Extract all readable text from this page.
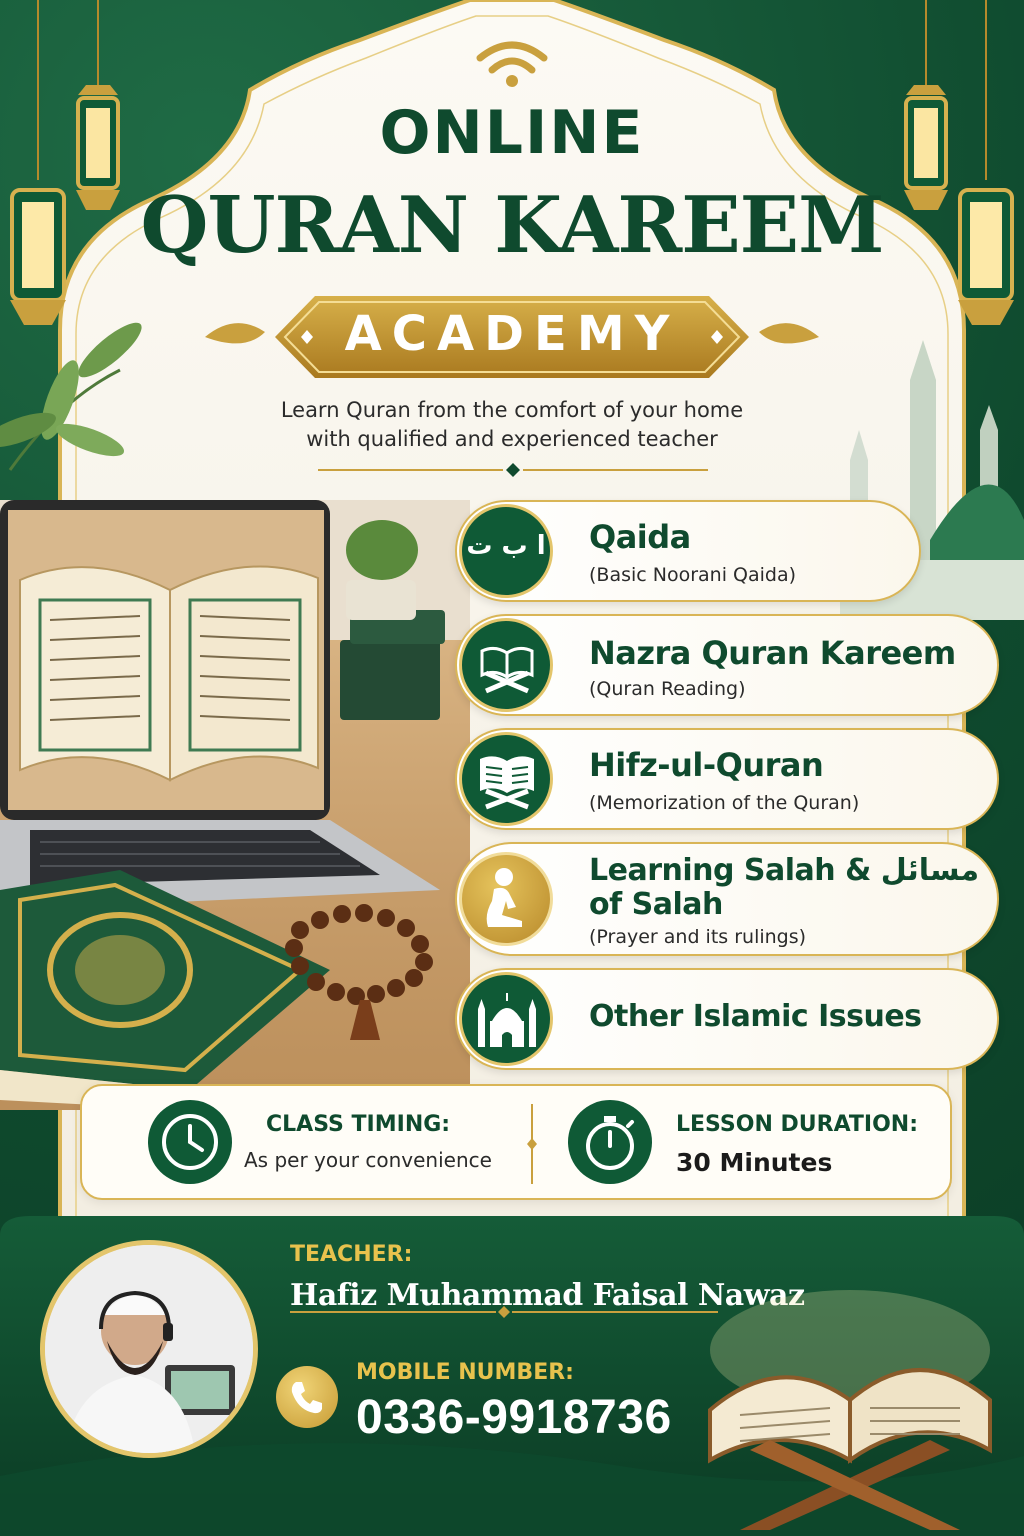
ONLINE
QURAN KAREEM
ACADEMY
Learn Quran from the comfort of your home
with qualified and experienced teacher
ا ب ت Qaida
(Basic Noorani Qaida)
Nazra Quran Kareem
(Quran Reading)
Hifz-ul-Quran
(Memorization of the Quran)
Learning Salah & مسائل
of Salah
(Prayer and its rulings)
Other Islamic Issues
CLASS TIMING:
As per your convenience
LESSON DURATION:
30 Minutes
TEACHER:
Hafiz Muhammad Faisal Nawaz
MOBILE NUMBER:
0336-9918736
